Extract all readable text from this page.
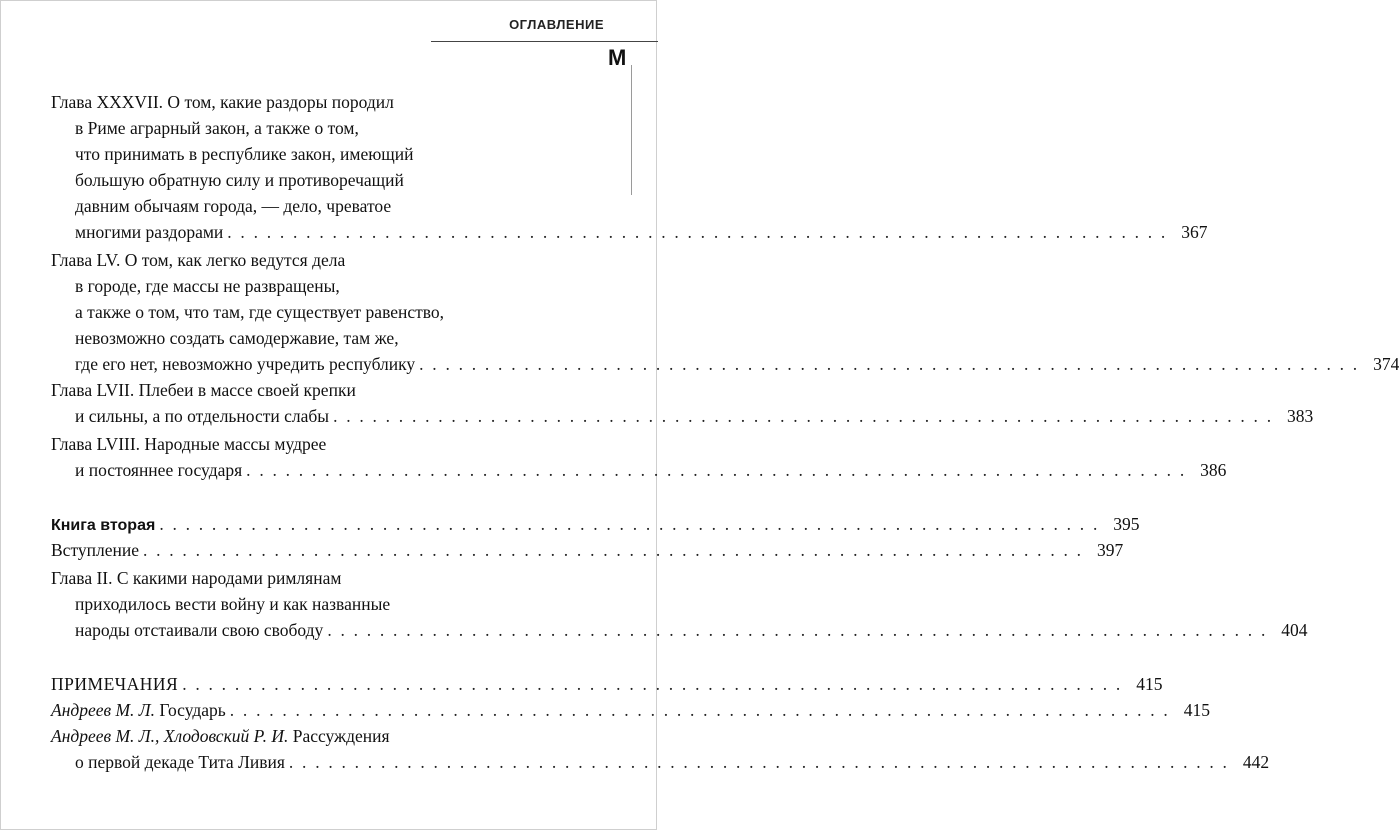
ОГЛАВЛЕНИЕ
М
Глава XXXVII. О том, какие раздоры породил
в Риме аграрный закон, а также о том,
что принимать в республике закон, имеющий
большую обратную силу и противоречащий
давним обычаям города, — дело, чреватое
многими раздорами . . . . . . . . . . . . . . . . . . . . . . . . . . . . . . . . . . . . . . . . . . . . . . . . . . . . . . . . . . . . . . . . . . . . . . . . 367
Глава LV. О том, как легко ведутся дела
в городе, где массы не развращены,
а также о том, что там, где существует равенство,
невозможно создать самодержавие, там же,
где его нет, невозможно учредить республику . . . . . . . . . . . . . . . . . . . . . . . . . . . . . . . . . . . . . . . . . . . . . . . . . . . . . . . . . . . . . . . . . . . . . . . . 374
Глава LVII. Плебеи в массе своей крепки
и сильны, а по отдельности слабы . . . . . . . . . . . . . . . . . . . . . . . . . . . . . . . . . . . . . . . . . . . . . . . . . . . . . . . . . . . . . . . . . . . . . . . . 383
Глава LVIII. Народные массы мудрее
и постояннее государя . . . . . . . . . . . . . . . . . . . . . . . . . . . . . . . . . . . . . . . . . . . . . . . . . . . . . . . . . . . . . . . . . . . . . . . . 386
Книга вторая . . . . . . . . . . . . . . . . . . . . . . . . . . . . . . . . . . . . . . . . . . . . . . . . . . . . . . . . . . . . . . . . . . . . . . . . 395
Вступление . . . . . . . . . . . . . . . . . . . . . . . . . . . . . . . . . . . . . . . . . . . . . . . . . . . . . . . . . . . . . . . . . . . . . . . . 397
Глава II. С какими народами римлянам
приходилось вести войну и как названные
народы отстаивали свою свободу . . . . . . . . . . . . . . . . . . . . . . . . . . . . . . . . . . . . . . . . . . . . . . . . . . . . . . . . . . . . . . . . . . . . . . . . 404
ПРИМЕЧАНИЯ . . . . . . . . . . . . . . . . . . . . . . . . . . . . . . . . . . . . . . . . . . . . . . . . . . . . . . . . . . . . . . . . . . . . . . . . 415
Андреев М. Л. Государь . . . . . . . . . . . . . . . . . . . . . . . . . . . . . . . . . . . . . . . . . . . . . . . . . . . . . . . . . . . . . . . . . . . . . . . . 415
Андреев М. Л., Хлодовский Р. И. Рассуждения
о первой декаде Тита Ливия . . . . . . . . . . . . . . . . . . . . . . . . . . . . . . . . . . . . . . . . . . . . . . . . . . . . . . . . . . . . . . . . . . . . . . . . 442
